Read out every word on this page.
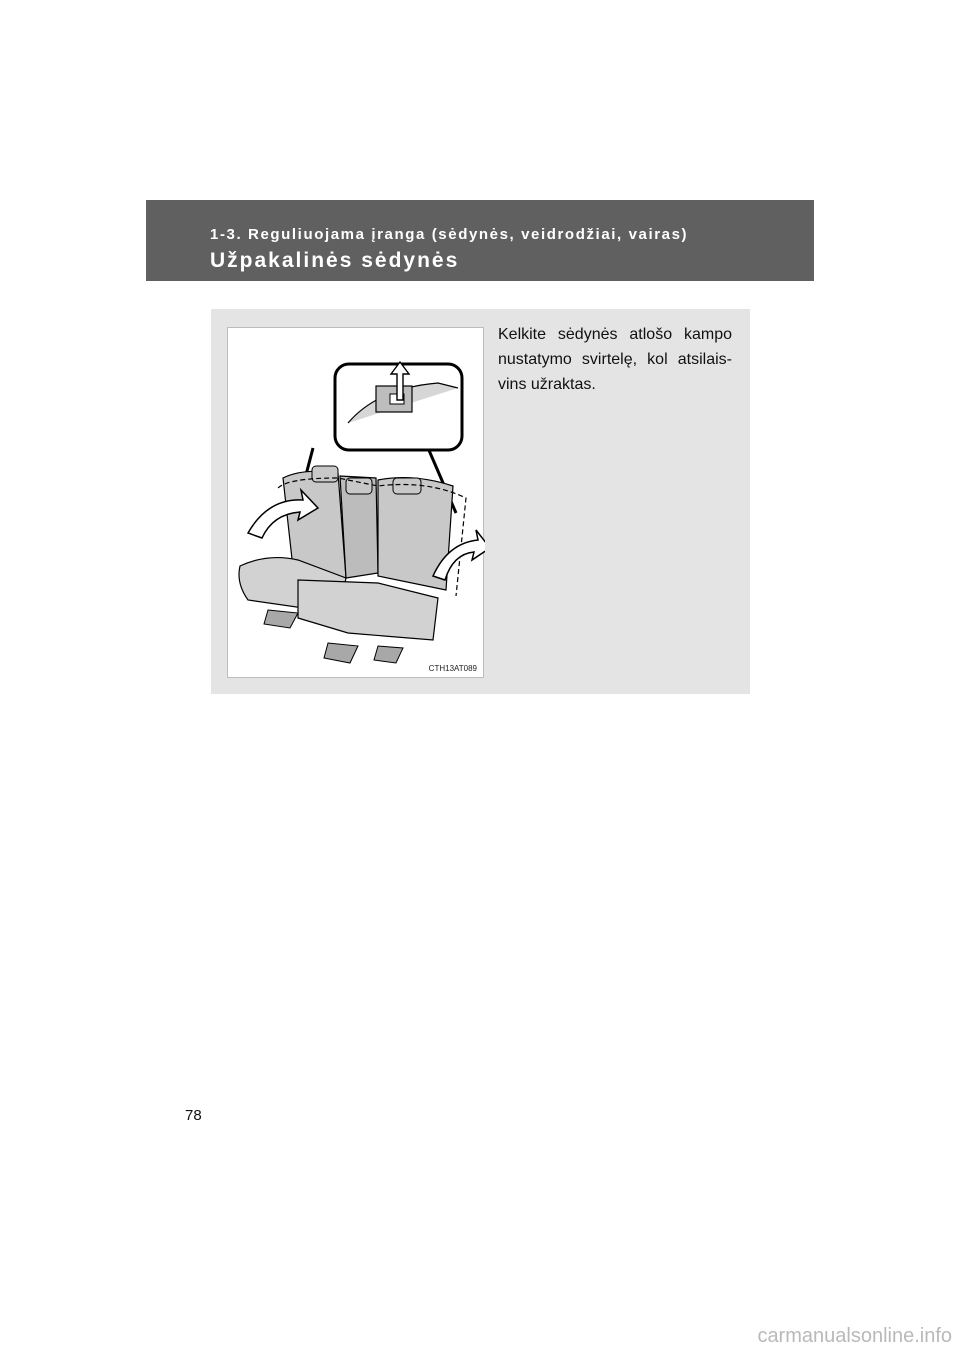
1-3. Reguliuojama įranga (sėdynės, veidrodžiai, vairas)
Užpakalinės sėdynės
CTH13AT089
Kelkite sėdynės atlošo kampo nustatymo svirtelę, kol atsilaisvins užraktas.
78
carmanualsonline.info
